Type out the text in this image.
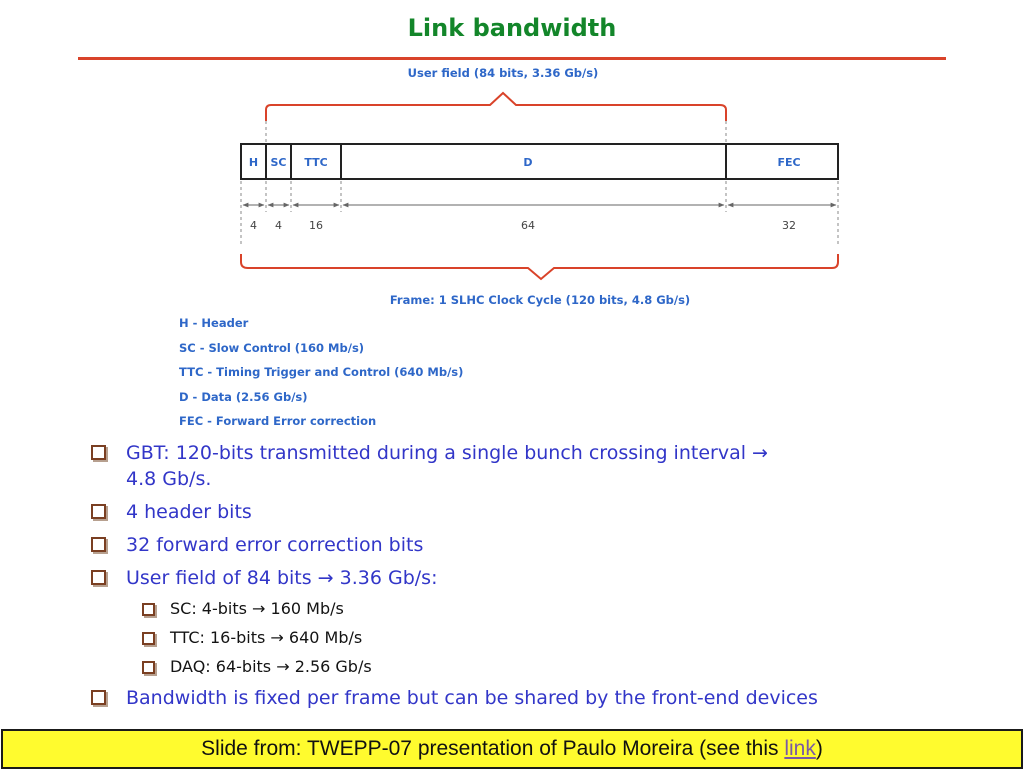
Link bandwidth
User field (84 bits, 3.36 Gb/s)
H SC TTC	D	FEC
4 4 16	64	32
Frame: 1 SLHC Clock Cycle (120 bits, 4.8 Gb/s)
H - Header
SC - Slow Control (160 Mb/s)
TTC - Timing Trigger and Control (640 Mb/s)
D - Data (2.56 Gb/s)
FEC - Forward Error correction
GBT: 120-bits transmitted during a single bunch crossing interval →
4.8 Gb/s.
4 header bits
32 forward error correction bits
User field of 84 bits → 3.36 Gb/s:
SC: 4-bits → 160 Mb/s
TTC: 16-bits → 640 Mb/s
DAQ: 64-bits → 2.56 Gb/s
Bandwidth is fixed per frame but can be shared by the front-end devices
Slide from: TWEPP-07 presentation of Paulo Moreira (see this link)
